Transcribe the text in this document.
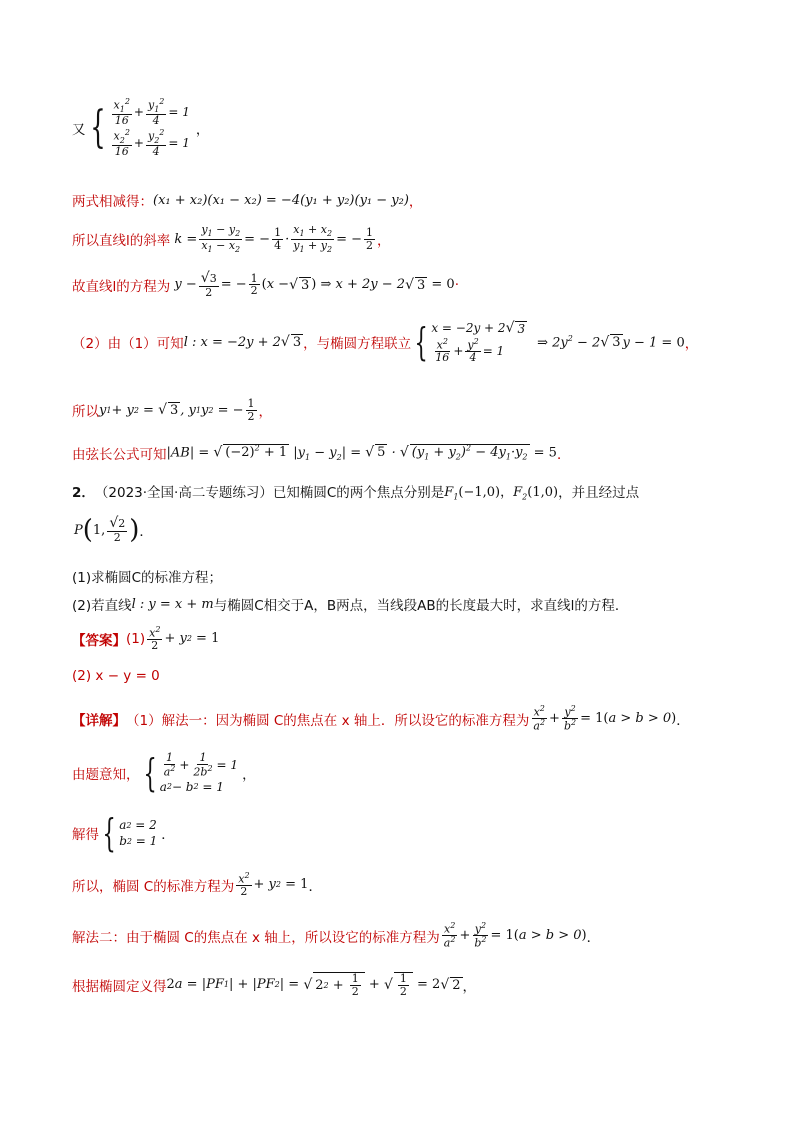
又 { $\frac{x_1^2}{16} + \frac{y_1^2}{4} = 1$
$\frac{x_2^2}{16} + \frac{y_2^2}{4} = 1$
，
两式相减得： (x₁ + x₂)(x₁ − x₂) = −4(y₁ + y₂)(y₁ − y₂) ，
所以直线l的斜率 $k = \frac{y_1 - y_2}{x_1 - x_2}$ = − $\frac{1}{4} \cdot \frac{x_1 + x_2}{y_1 + y_2}$ = − $\frac{1}{2}$ ，
故直线l的方程为 $y - \frac{√3}{2}$ = − $\frac{1}{2}$ ( x − √ 3 ) ⇒ x + 2y − 2 √ 3 = 0 ·
（2）由（1）可知 l : x = −2y + 2√ 3 ，与椭圆方程联立 { x = −2y + 2 √ 3
$\frac{x^2}{16} + \frac{y^2}{4} = 1$
⇒ $2y^2 - 2√$ 3 y − 1 = 0 ，
所以 y 1 + y 2 = √ 3 , y 1 y 2 = − $\frac{1}{2}$ ，
由弦长公式可知 |AB| = √ $(-2)^2 + 1$ $|y_1 - y_2|$ = √ 5 · √ $(y_1 + y_2)^2 - 4y_1\cdot y_2 = 5$ ．
2． （2023·全国·高二专题练习） 已知椭圆C的两个焦点分别是 $F_1(-1,0)$，$F_2(1,0)$ ，并且经过点
P ( 1, $\frac{√2}{2}$ ) ．
(1)求椭圆C的标准方程；
(2)若直线 l : y = x + m 与椭圆C相交于A，B两点，当线段AB的长度最大时，求直线l的方程．
【答案】 $(1) \frac{x^2}{2} + y$ 2 = 1
(2) x − y = 0
【详解】 （1）解法一：因为椭圆 C的焦点在 x 轴上．所以设它的标准方程为 $\frac{x^2}{a^2} + \frac{y^2}{b^2} = 1$( a > b > 0 ) ．
由题意知， { $\frac{1}{a^2} + \frac{1}{2b^2} = 1$
a 2 − b 2 = 1
，
解得 { a 2 = 2
b 2 = 1 ．
所以，椭圆 C的标准方程为 $\frac{x^2}{2} + y$ 2 = 1 ．
解法二：由于椭圆 C的焦点在 x 轴上，所以设它的标准方程为 $\frac{x^2}{a^2} + \frac{y^2}{b^2} = 1$( a > b > 0 ) ．
根据椭圆定义得 2 a = |PF 1 | + |PF 2 | = √ 2 $2 + \frac{1}{2}$ + √ $\frac{1}{2} = 2$ √ 2 ，
